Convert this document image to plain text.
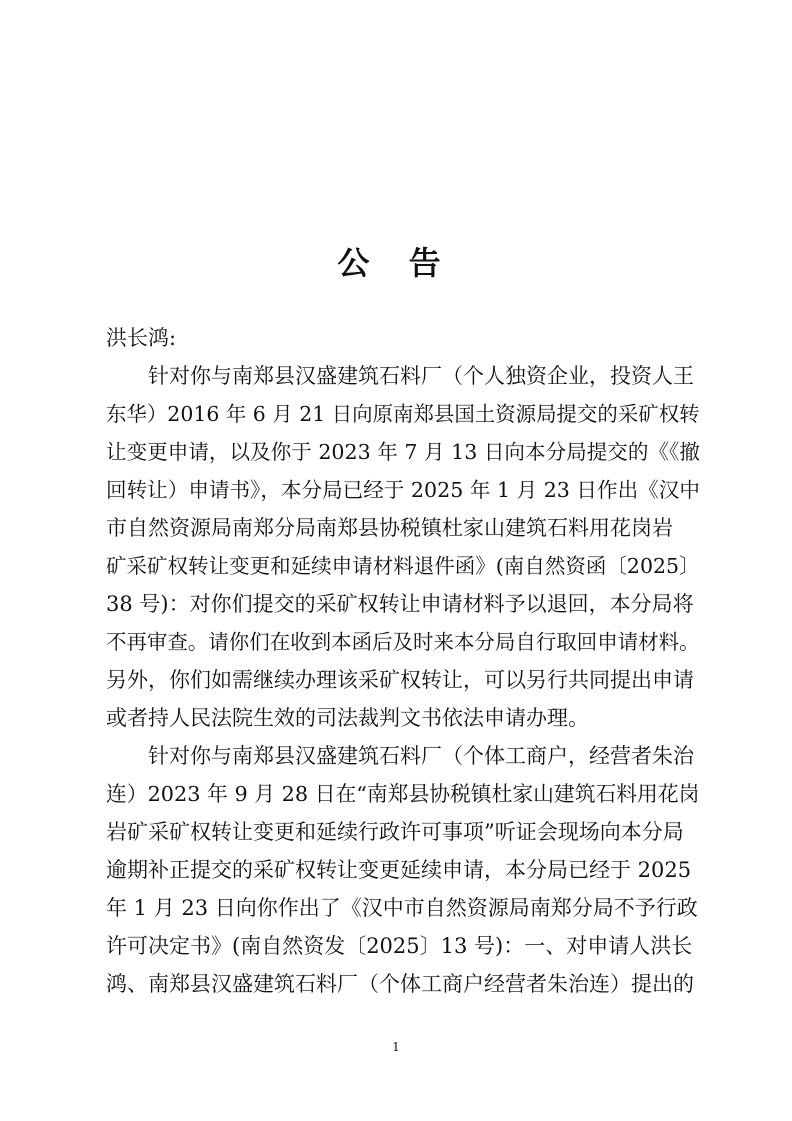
公 告

洪长鸿:

针对你与南郑县汉盛建筑石料厂（个人独资企业，投资人王

东华）2016 年 6 月 21 日向原南郑县国土资源局提交的采矿权转

让变更申请，以及你于 2023 年 7 月 13 日向本分局提交的《《撤

回转让）申请书》，本分局已经于 2025 年 1 月 23 日作出《汉中

市自然资源局南郑分局南郑县协税镇杜家山建筑石料用花岗岩

矿采矿权转让变更和延续申请材料退件函》(南自然资函〔2025〕

38 号)：对你们提交的采矿权转让申请材料予以退回，本分局将

不再审查。请你们在收到本函后及时来本分局自行取回申请材料。

另外，你们如需继续办理该采矿权转让，可以另行共同提出申请

或者持人民法院生效的司法裁判文书依法申请办理。

针对你与南郑县汉盛建筑石料厂（个体工商户，经营者朱治

连）2023 年 9 月 28 日在“南郑县协税镇杜家山建筑石料用花岗

岩矿采矿权转让变更和延续行政许可事项”听证会现场向本分局

逾期补正提交的采矿权转让变更延续申请，本分局已经于 2025

年 1 月 23 日向你作出了《汉中市自然资源局南郑分局不予行政

许可决定书》(南自然资发〔2025〕13 号)：一、对申请人洪长

鸿、南郑县汉盛建筑石料厂（个体工商户经营者朱治连）提出的

1
